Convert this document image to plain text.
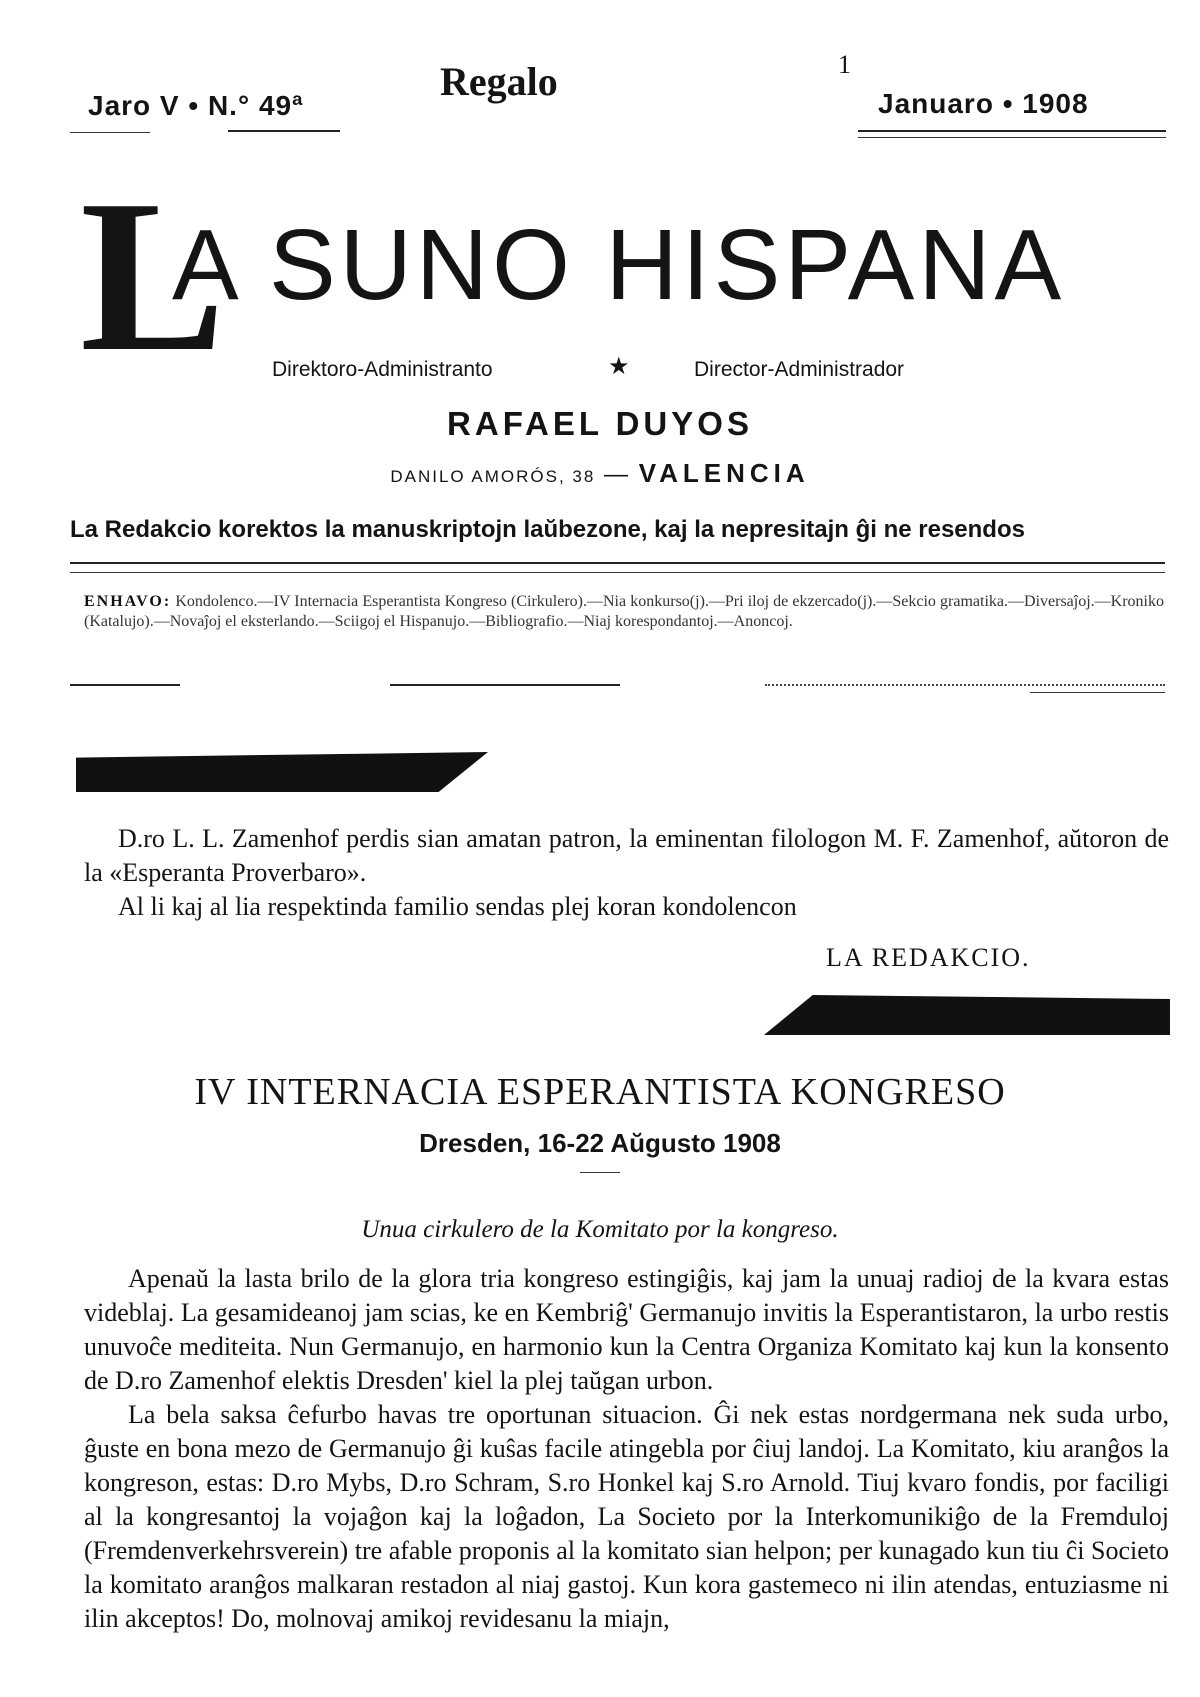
Jaro V • N.° 49ª
Regalo	1
Januaro • 1908
L
A SUNO HISPANA
Direktoro-Administranto	★	Director-Administrador
RAFAEL DUYOS
DANILO AMORÓS, 38 — VALENCIA
La Redakcio korektos la manuskriptojn laŭbezone, kaj la nepresitajn ĝi ne resendos
ENHAVO: Kondolenco.—IV Internacia Esperantista Kongreso (Cirkulero).—Nia konkurso(j).—Pri iloj de ekzercado(j).—Sekcio gramatika.—Diversaĵoj.—Kroniko (Katalujo).—Novaĵoj el eksterlando.—Sciigoj el Hispanujo.—Bibliografio.—Niaj korespondantoj.—Anoncoj.
D.ro L. L. Zamenhof perdis sian amatan patron, la eminentan filologon M. F. Zamenhof, aŭtoron de la «Esperanta Proverbaro».
Al li kaj al lia respektinda familio sendas plej koran kondolencon
LA REDAKCIO.
IV INTERNACIA ESPERANTISTA KONGRESO
Dresden, 16-22 Aŭgusto 1908
Unua cirkulero de la Komitato por la kongreso.

Apenaŭ la lasta brilo de la glora tria kongreso estingiĝis, kaj jam la unuaj radioj de la kvara estas videblaj. La gesamideanoj jam scias, ke en Kembriĝ' Germanujo invitis la Esperantistaron, la urbo restis unuvoĉe mediteita. Nun Germanujo, en harmonio kun la Centra Organiza Komitato kaj kun la konsento de D.ro Zamenhof elektis Dresden' kiel la plej taŭgan urbon.

La bela saksa ĉefurbo havas tre oportunan situacion. Ĝi nek estas nordgermana nek suda urbo, ĝuste en bona mezo de Germanujo ĝi kuŝas facile atingebla por ĉiuj landoj. La Komitato, kiu aranĝos la kongreson, estas: D.ro Mybs, D.ro Schram, S.ro Honkel kaj S.ro Arnold. Tiuj kvaro fondis, por faciligi al la kongresantoj la vojaĝon kaj la loĝadon, La Societo por la Interkomunikiĝo de la Fremduloj (Fremdenverkehrsverein) tre afable proponis al la komitato sian helpon; per kunagado kun tiu ĉi Societo la komitato aranĝos malkaran restadon al niaj gastoj. Kun kora gastemeco ni ilin atendas, entuziasme ni ilin akceptos! Do, molnovaj amikoj revidesanu la miajn,
